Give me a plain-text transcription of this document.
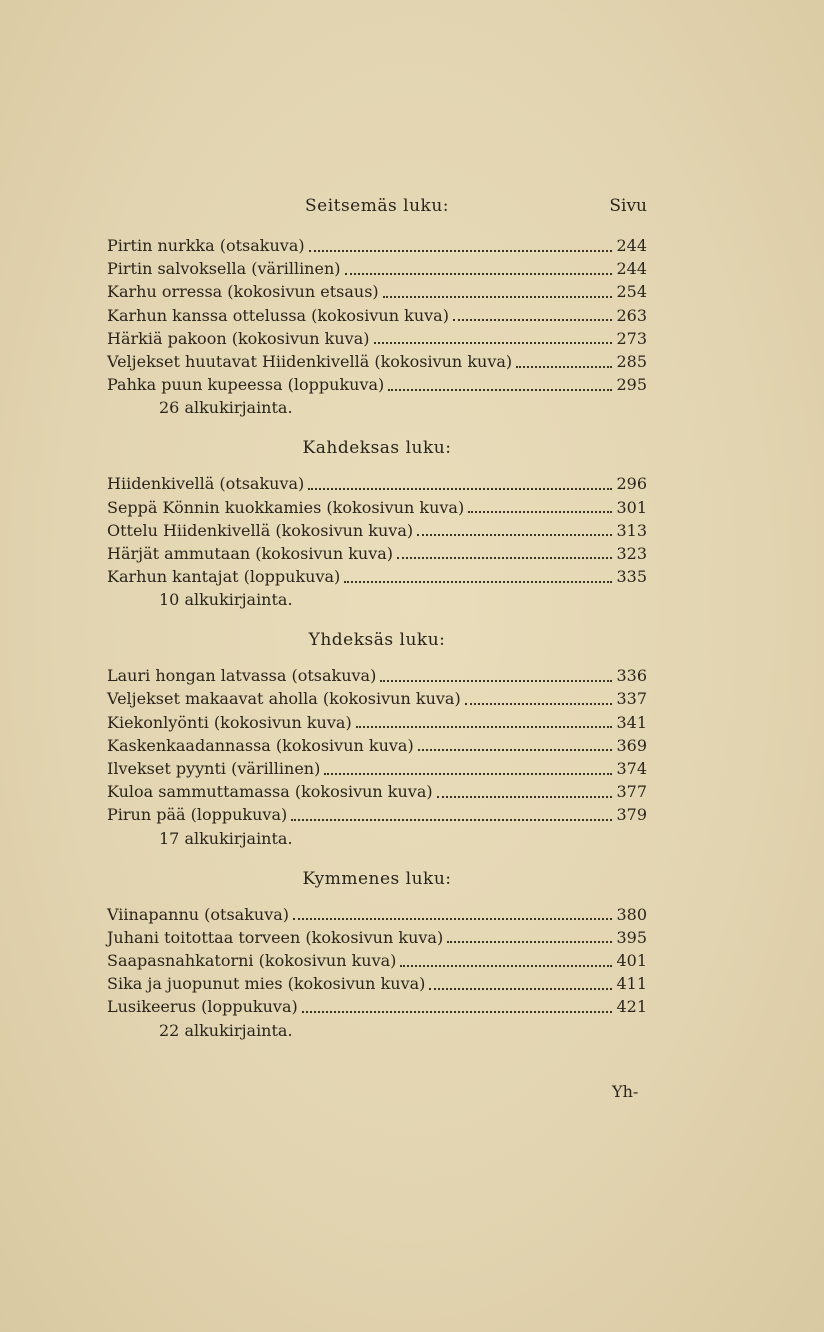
Seitsemäs luku:	Sivu
Pirtin nurkka (otsakuva)	244
Pirtin salvoksella (värillinen)	244
Karhu orressa (kokosivun etsaus)	254
Karhun kanssa ottelussa (kokosivun kuva)	263
Härkiä pakoon (kokosivun kuva)	273
Veljekset huutavat Hiidenkivellä (kokosivun kuva)	285
Pahka puun kupeessa (loppukuva)	295
26 alkukirjainta.
Kahdeksas luku:
Hiidenkivellä (otsakuva)	296
Seppä Könnin kuokkamies (kokosivun kuva)	301
Ottelu Hiidenkivellä (kokosivun kuva)	313
Härjät ammutaan (kokosivun kuva)	323
Karhun kantajat (loppukuva)	335
10 alkukirjainta.
Yhdeksäs luku:
Lauri hongan latvassa (otsakuva)	336
Veljekset makaavat aholla (kokosivun kuva)	337
Kiekonlyönti (kokosivun kuva)	341
Kaskenkaadannassa (kokosivun kuva)	369
Ilvekset pyynti (värillinen)	374
Kuloa sammuttamassa (kokosivun kuva)	377
Pirun pää (loppukuva)	379
17 alkukirjainta.
Kymmenes luku:
Viinapannu (otsakuva)	380
Juhani toitottaa torveen (kokosivun kuva)	395
Saapasnahkatorni (kokosivun kuva)	401
Sika ja juopunut mies (kokosivun kuva)	411
Lusikeerus (loppukuva)	421
22 alkukirjainta.
Yh-
